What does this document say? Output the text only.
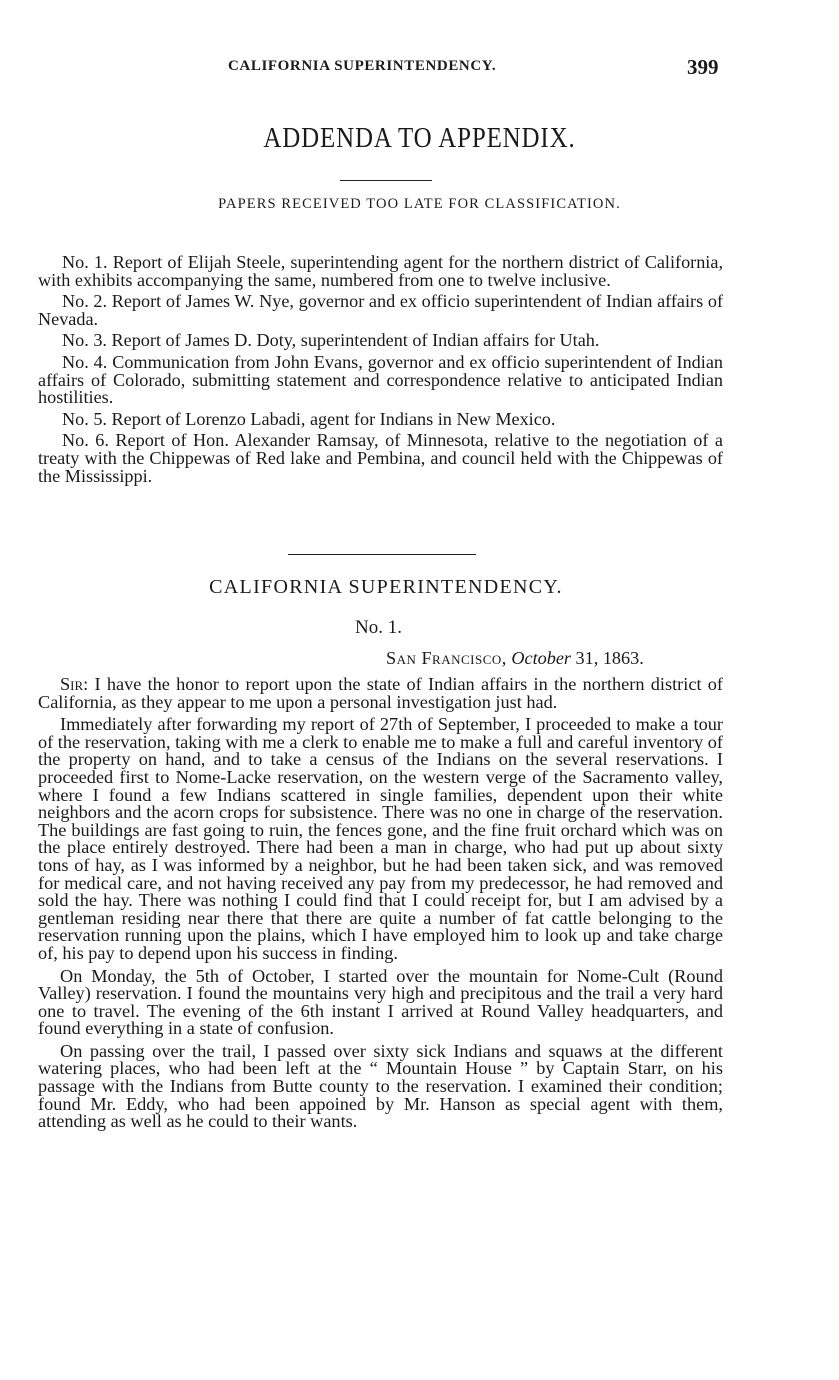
CALIFORNIA SUPERINTENDENCY.	399
ADDENDA TO APPENDIX.
PAPERS RECEIVED TOO LATE FOR CLASSIFICATION.

No. 1. Report of Elijah Steele, superintending agent for the northern district of California, with exhibits accompanying the same, numbered from one to twelve inclusive.

No. 2. Report of James W. Nye, governor and ex officio superintendent of Indian affairs of Nevada.

No. 3. Report of James D. Doty, superintendent of Indian affairs for Utah.

No. 4. Communication from John Evans, governor and ex officio superintendent of Indian affairs of Colorado, submitting statement and correspondence relative to anticipated Indian hostilities.

No. 5. Report of Lorenzo Labadi, agent for Indians in New Mexico.

No. 6. Report of Hon. Alexander Ramsay, of Minnesota, relative to the negotiation of a treaty with the Chippewas of Red lake and Pembina, and council held with the Chippewas of the Mississippi.

CALIFORNIA SUPERINTENDENCY.
No. 1.
San Francisco, October 31, 1863.

Sir: I have the honor to report upon the state of Indian affairs in the northern district of California, as they appear to me upon a personal investigation just had.

Immediately after forwarding my report of 27th of September, I proceeded to make a tour of the reservation, taking with me a clerk to enable me to make a full and careful inventory of the property on hand, and to take a census of the Indians on the several reservations. I proceeded first to Nome-Lacke reservation, on the western verge of the Sacramento valley, where I found a few Indians scattered in single families, dependent upon their white neighbors and the acorn crops for subsistence. There was no one in charge of the reservation. The buildings are fast going to ruin, the fences gone, and the fine fruit orchard which was on the place entirely destroyed. There had been a man in charge, who had put up about sixty tons of hay, as I was informed by a neighbor, but he had been taken sick, and was removed for medical care, and not having received any pay from my predecessor, he had removed and sold the hay. There was nothing I could find that I could receipt for, but I am advised by a gentleman residing near there that there are quite a number of fat cattle belonging to the reservation running upon the plains, which I have employed him to look up and take charge of, his pay to depend upon his success in finding.

On Monday, the 5th of October, I started over the mountain for Nome-Cult (Round Valley) reservation. I found the mountains very high and precipitous and the trail a very hard one to travel. The evening of the 6th instant I arrived at Round Valley headquarters, and found everything in a state of confusion.

On passing over the trail, I passed over sixty sick Indians and squaws at the different watering places, who had been left at the “ Mountain House ” by Captain Starr, on his passage with the Indians from Butte county to the reservation. I examined their condition; found Mr. Eddy, who had been appoined by Mr. Hanson as special agent with them, attending as well as he could to their wants.
